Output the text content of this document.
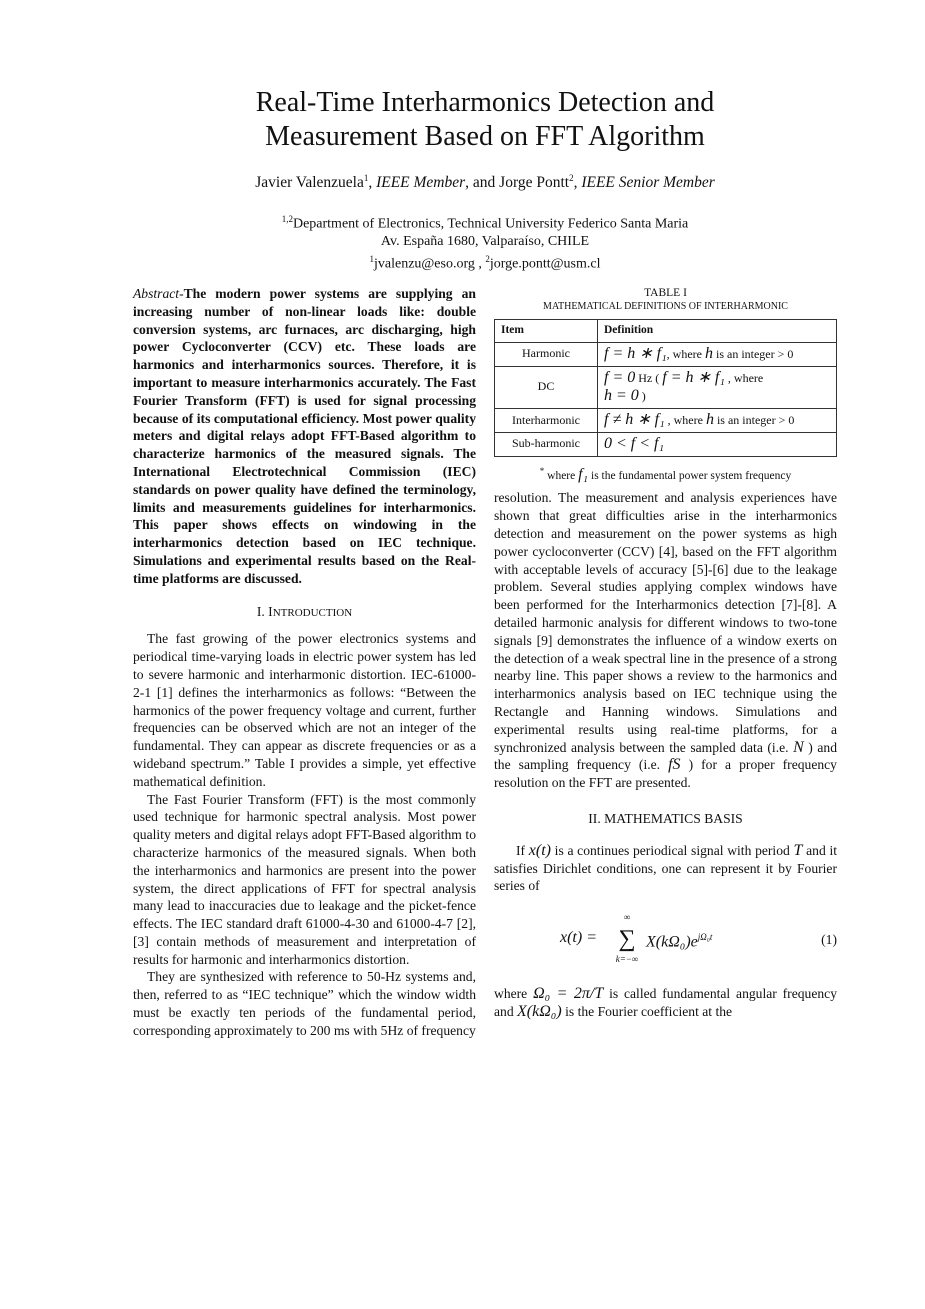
Real-Time Interharmonics Detection and
Measurement Based on FFT Algorithm
Javier Valenzuela$^1$, IEEE Member, and Jorge Pontt$^2$, IEEE Senior Member
$^{1,2}$Department of Electronics, Technical University Federico Santa Maria
Av. España 1680, Valparaíso, CHILE
$^1$jvalenzu@eso.org , $^2$jorge.pontt@usm.cl

Abstract-The modern power systems are supplying an increasing number of non-linear loads like: double conversion systems, arc furnaces, arc discharging, high power Cycloconverter (CCV) etc. These loads are harmonics and interharmonics sources. Therefore, it is important to measure interharmonics accurately. The Fast Fourier Transform (FFT) is used for signal processing because of its computational efficiency. Most power quality meters and digital relays adopt FFT-Based algorithm to characterize harmonics of the measured signals. The International Electrotechnical Commission (IEC) standards on power quality have defined the terminology, limits and measurements guidelines for interharmonics. This paper shows effects on windowing in the interharmonics detection based on IEC technique. Simulations and experimental results based on the Real-time platforms are discussed.

I. INTRODUCTION

The fast growing of the power electronics systems and periodical time-varying loads in electric power system has led to severe harmonic and interharmonic distortion. IEC-61000-2-1 [1] defines the interharmonics as follows: “Between the harmonics of the power frequency voltage and current, further frequencies can be observed which are not an integer of the fundamental. They can appear as discrete frequencies or as a wideband spectrum.” Table I provides a simple, yet effective mathematical definition.

The Fast Fourier Transform (FFT) is the most commonly used technique for harmonic spectral analysis. Most power quality meters and digital relays adopt FFT-Based algorithm to characterize harmonics of the measured signals. When both the interharmonics and harmonics are present into the power system, the direct applications of FFT for spectral analysis many lead to inaccuracies due to leakage and the picket-fence effects. The IEC standard draft 61000-4-30 and 61000-4-7 [2], [3] contain methods of measurement and interpretation of results for harmonic and interharmonics distortion.

They are synthesized with reference to 50-Hz systems and, then, referred to as “IEC technique” which the window width must be exactly ten periods of the fundamental period, corresponding approximately to 200 ms with 5Hz of frequency

TABLE I
MATHEMATICAL DEFINITIONS OF INTERHARMONIC
Item	Definition
Harmonic	f = h ∗ f₁, where h is an integer > 0
DC	f = 0 Hz ( f = h ∗ f₁ , where
h = 0 )
Interharmonic	f ≠ h ∗ f₁ , where h is an integer > 0
Sub-harmonic	0 < f < f₁
* where f₁ is the fundamental power system frequency

resolution. The measurement and analysis experiences have shown that great difficulties arise in the interharmonics detection and measurement on the power systems as high power cycloconverter (CCV) [4], based on the FFT algorithm with acceptable levels of accuracy [5]-[6] due to the leakage problem. Several studies applying complex windows have been performed for the Interharmonics detection [7]-[8]. A detailed harmonic analysis for different windows to two-tone signals [9] demonstrates the influence of a window exerts on the detection of a weak spectral line in the presence of a strong nearby line. This paper shows a review to the harmonics and interharmonics analysis based on IEC technique using the Rectangle and Hanning windows. Simulations and experimental results using real-time platforms, for a synchronized analysis between the sampled data (i.e. N ) and the sampling frequency (i.e. fS ) for a proper frequency resolution on the FFT are presented.

II. MATHEMATICS BASIS

If x(t) is a continues periodical signal with period T and it satisfies Dirichlet conditions, one can represent it by Fourier series of

x(t) =
∞
∑
k=−∞
$X(k\Omega_0)e^{j\Omega_0t}$	(1)

where Ω₀ = 2π/T is called fundamental angular frequency and X(kΩ₀) is the Fourier coefficient at the
